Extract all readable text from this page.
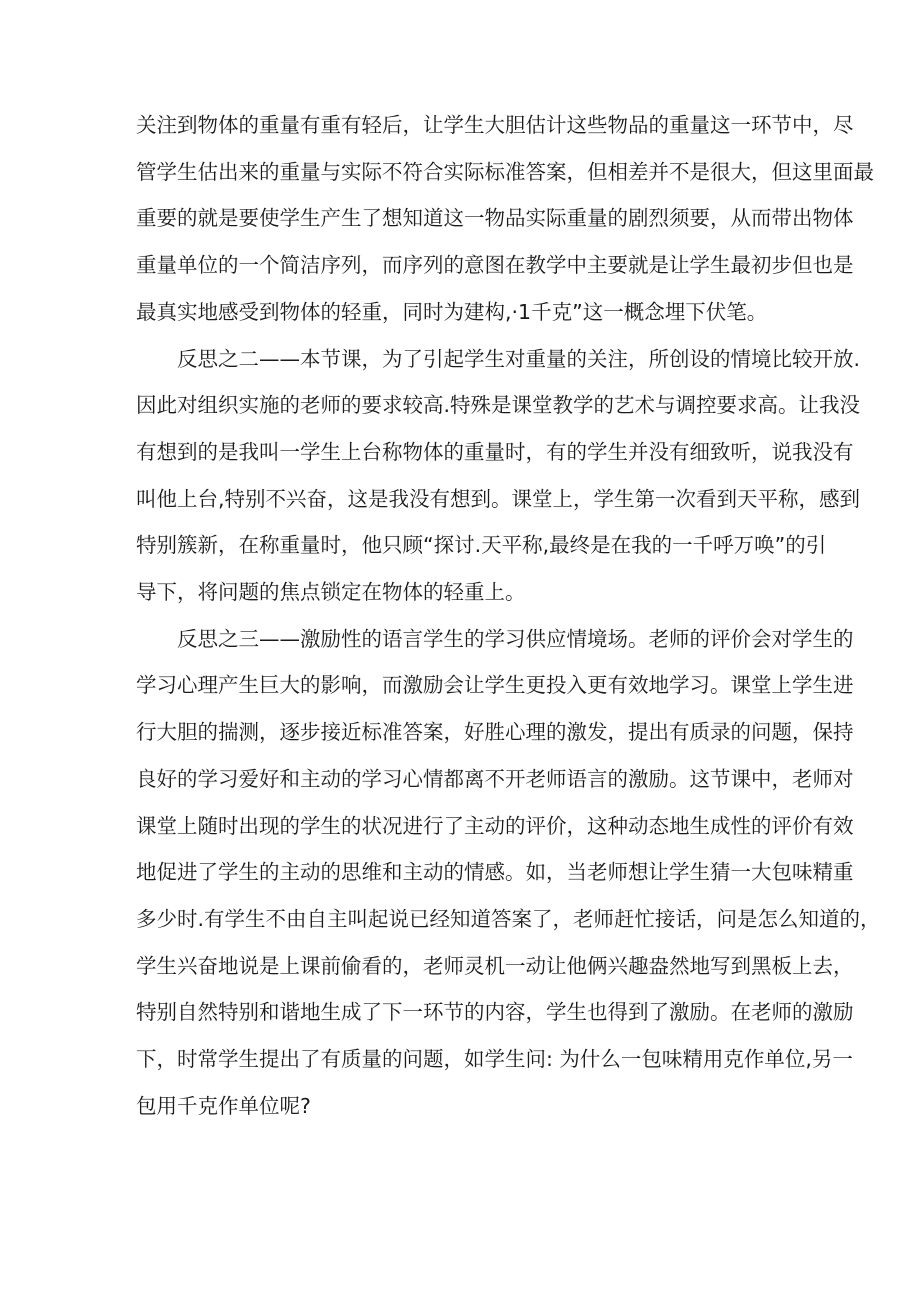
关注到物体的重量有重有轻后，让学生大胆估计这些物品的重量这一环节中，尽
管学生估出来的重量与实际不符合实际标准答案，但相差并不是很大，但这里面最
重要的就是要使学生产生了想知道这一物品实际重量的剧烈须要，从而带出物体
重量单位的一个简洁序列，而序列的意图在教学中主要就是让学生最初步但也是
最真实地感受到物体的轻重，同时为建构,·1千克”这一概念埋下伏笔。
反思之二——本节课，为了引起学生对重量的关注，所创设的情境比较开放.
因此对组织实施的老师的要求较高.特殊是课堂教学的艺术与调控要求高。让我没
有想到的是我叫一学生上台称物体的重量时，有的学生并没有细致听，说我没有
叫他上台,特别不兴奋，这是我没有想到。课堂上，学生第一次看到天平称，感到
特别簇新，在称重量时，他只顾“探讨.天平称,最终是在我的一千呼万唤”的引
导下，将问题的焦点锁定在物体的轻重上。
反思之三——激励性的语言学生的学习供应情境场。老师的评价会对学生的
学习心理产生巨大的影响，而激励会让学生更投入更有效地学习。课堂上学生进
行大胆的揣测，逐步接近标准答案，好胜心理的激发，提出有质录的问题，保持
良好的学习爱好和主动的学习心情都离不开老师语言的激励。这节课中，老师对
课堂上随时出现的学生的状况进行了主动的评价，这种动态地生成性的评价有效
地促进了学生的主动的思维和主动的情感。如，当老师想让学生猜一大包味精重
多少时.有学生不由自主叫起说已经知道答案了，老师赶忙接话，问是怎么知道的，
学生兴奋地说是上课前偷看的，老师灵机一动让他俩兴趣盎然地写到黑板上去，
特别自然特别和谐地生成了下一环节的内容，学生也得到了激励。在老师的激励
下，时常学生提出了有质量的问题，如学生问: 为什么一包味精用克作单位,另一
包用千克作单位呢?
